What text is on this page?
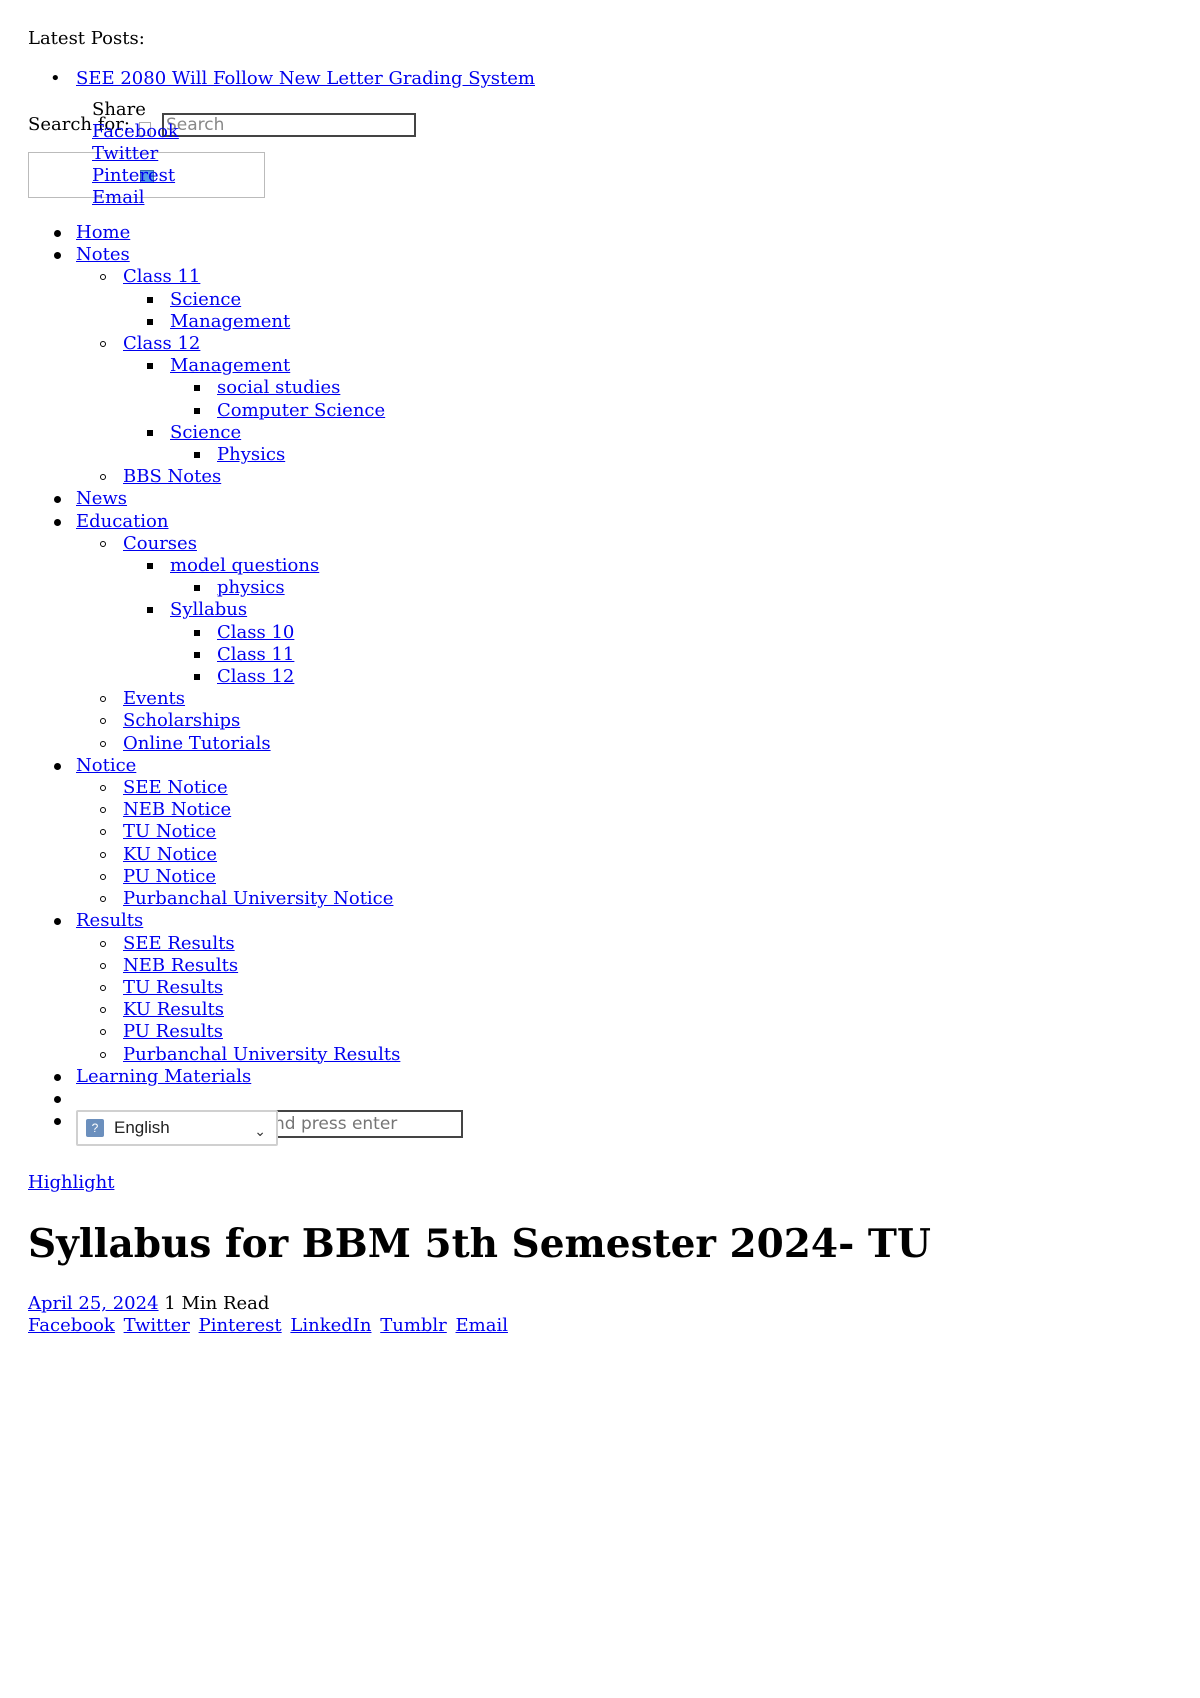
Latest Posts:
• SEE 2080 Will Follow New Letter Grading System
Search for:
Search
Share
Facebook
Twitter
Pinterest
Email
Home
Notes
Class 11
Science
Management
Class 12
Management
social studies
Computer Science
Science
Physics
BBS Notes
News
Education
Courses
model questions
physics
Syllabus
Class 10
Class 11
Class 12
Events
Scholarships
Online Tutorials
Notice
SEE Notice
NEB Notice
TU Notice
KU Notice
PU Notice
Purbanchal University Notice
Results
SEE Results
NEB Results
TU Results
KU Results
PU Results
Purbanchal University Results
Learning Materials

nd press enter
? English	⌄
Highlight
Syllabus for BBM 5th Semester 2024- TU
April 25, 2024 1 Min Read
Facebook Twitter Pinterest LinkedIn Tumblr Email
